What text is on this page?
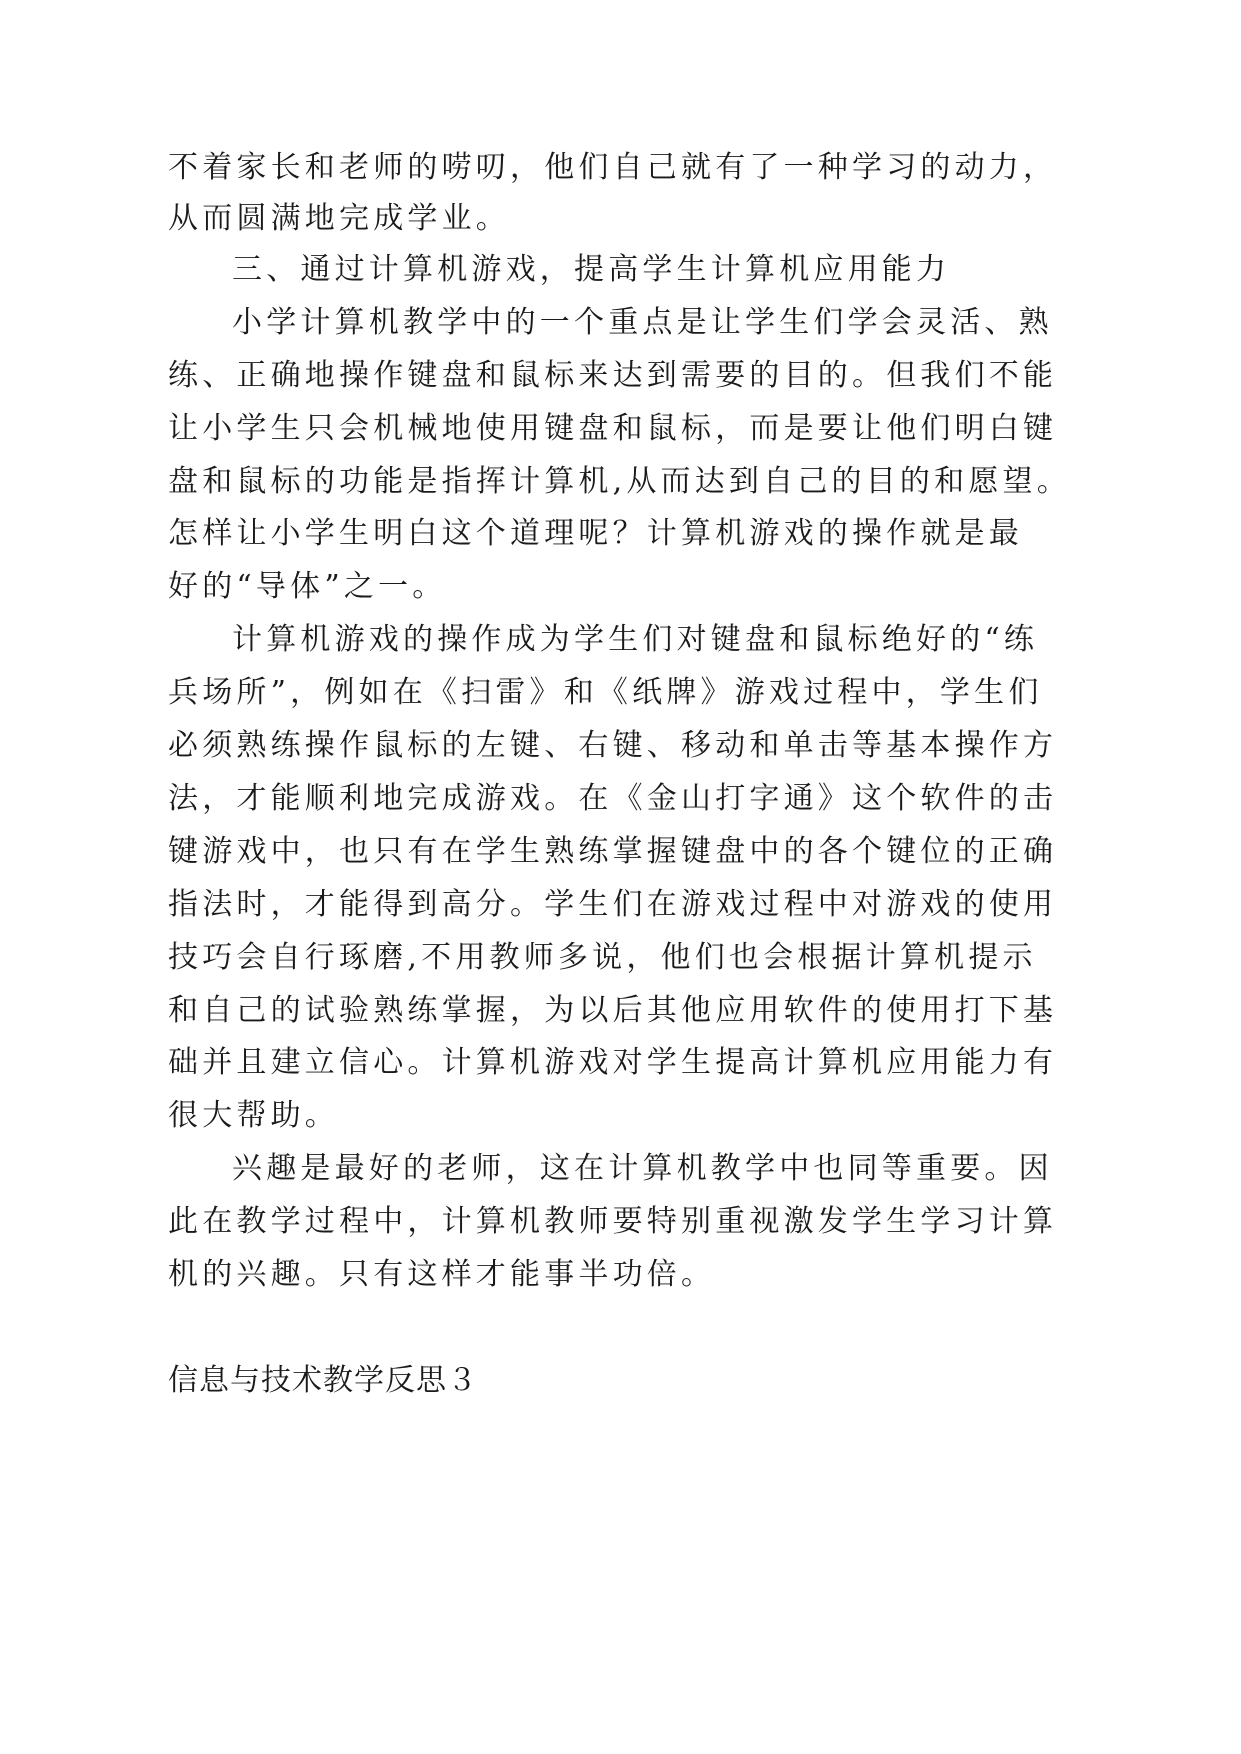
不着家长和老师的唠叨，他们自己就有了一种学习的动力，
从而圆满地完成学业。
三、通过计算机游戏，提高学生计算机应用能力
小学计算机教学中的一个重点是让学生们学会灵活、熟
练、正确地操作键盘和鼠标来达到需要的目的。但我们不能
让小学生只会机械地使用键盘和鼠标，而是要让他们明白键
盘和鼠标的功能是指挥计算机,从而达到自己的目的和愿望。
怎样让小学生明白这个道理呢？计算机游戏的操作就是最
好的“导体”之一。
计算机游戏的操作成为学生们对键盘和鼠标绝好的“练
兵场所”，例如在《扫雷》和《纸牌》游戏过程中，学生们
必须熟练操作鼠标的左键、右键、移动和单击等基本操作方
法，才能顺利地完成游戏。在《金山打字通》这个软件的击
键游戏中，也只有在学生熟练掌握键盘中的各个键位的正确
指法时，才能得到高分。学生们在游戏过程中对游戏的使用
技巧会自行琢磨,不用教师多说，他们也会根据计算机提示
和自己的试验熟练掌握，为以后其他应用软件的使用打下基
础并且建立信心。计算机游戏对学生提高计算机应用能力有
很大帮助。
兴趣是最好的老师，这在计算机教学中也同等重要。因
此在教学过程中，计算机教师要特别重视激发学生学习计算
机的兴趣。只有这样才能事半功倍。
信息与技术教学反思３
